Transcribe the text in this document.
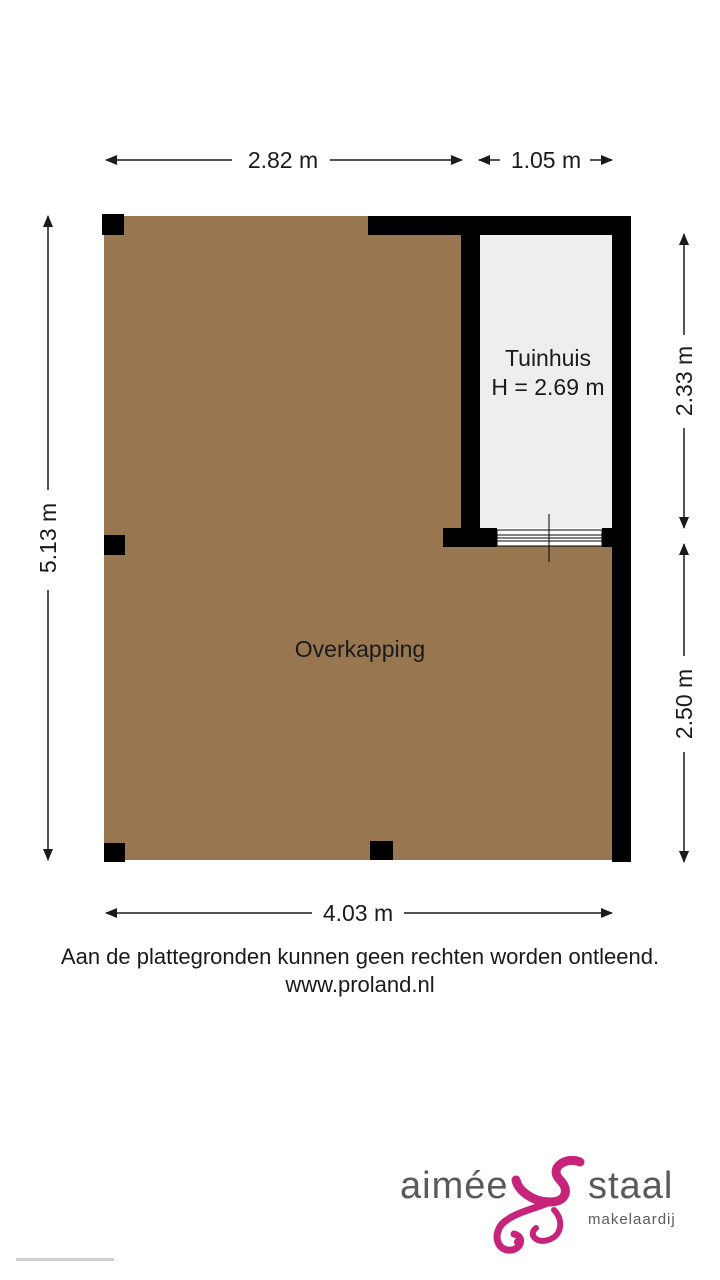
Tuinhuis
H = 2.69 m
Overkapping
2.82 m	1.05 m
5.13 m
2.33 m
2.50 m
4.03 m
Aan de plattegronden kunnen geen rechten worden ontleend.
www.proland.nl
aimée staal
makelaardij
